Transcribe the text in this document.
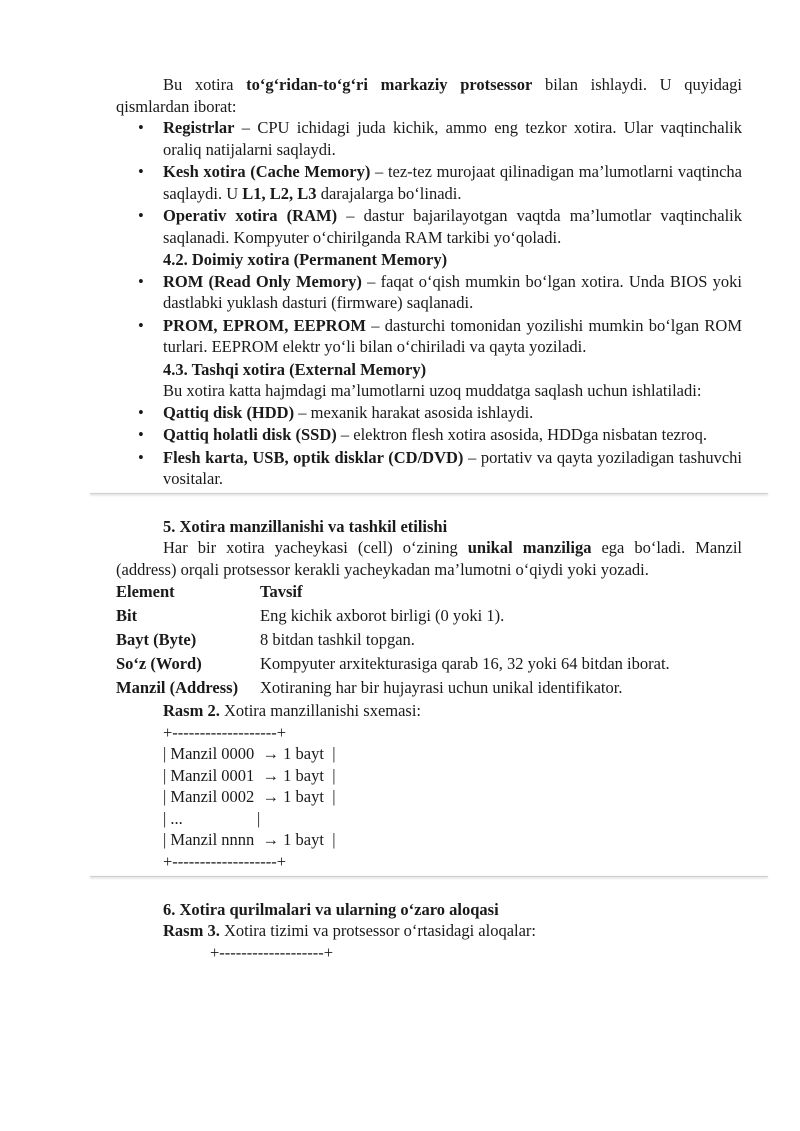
Bu xotira to‘g‘ridan-to‘g‘ri markaziy protsessor bilan ishlaydi. U quyidagi qismlardan iborat:

• Registrlar – CPU ichidagi juda kichik, ammo eng tezkor xotira. Ular vaqtinchalik oraliq natijalarni saqlaydi.
• Kesh xotira (Cache Memory) – tez-tez murojaat qilinadigan ma’lumotlarni vaqtincha saqlaydi. U L1, L2, L3 darajalarga bo‘linadi.
• Operativ xotira (RAM) – dastur bajarilayotgan vaqtda ma’lumotlar vaqtinchalik saqlanadi. Kompyuter o‘chirilganda RAM tarkibi yo‘qoladi.

4.2. Doimiy xotira (Permanent Memory)

• ROM (Read Only Memory) – faqat o‘qish mumkin bo‘lgan xotira. Unda BIOS yoki dastlabki yuklash dasturi (firmware) saqlanadi.
• PROM, EPROM, EEPROM – dasturchi tomonidan yozilishi mumkin bo‘lgan ROM turlari. EEPROM elektr yo‘li bilan o‘chiriladi va qayta yoziladi.

4.3. Tashqi xotira (External Memory)

Bu xotira katta hajmdagi ma’lumotlarni uzoq muddatga saqlash uchun ishlatiladi:

• Qattiq disk (HDD) – mexanik harakat asosida ishlaydi.
• Qattiq holatli disk (SSD) – elektron flesh xotira asosida, HDDga nisbatan tezroq.
• Flesh karta, USB, optik disklar (CD/DVD) – portativ va qayta yoziladigan tashuvchi vositalar.

5. Xotira manzillanishi va tashkil etilishi

Har bir xotira yacheykasi (cell) o‘zining unikal manziliga ega bo‘ladi. Manzil (address) orqali protsessor kerakli yacheykadan ma’lumotni o‘qiydi yoki yozadi.

Element	Tavsif
Bit	Eng kichik axborot birligi (0 yoki 1).
Bayt (Byte)	8 bitdan tashkil topgan.
So‘z (Word)	Kompyuter arxitekturasiga qarab 16, 32 yoki 64 bitdan iborat.
Manzil (Address)	Xotiraning har bir hujayrasi uchun unikal identifikator.

Rasm 2. Xotira manzillanishi sxemasi:

+-------------------+
| Manzil 0000  → 1 bayt  |
| Manzil 0001  → 1 bayt  |
| Manzil 0002  → 1 bayt  |
| ...                  |
| Manzil nnnn  → 1 bayt  |
+-------------------+

6. Xotira qurilmalari va ularning o‘zaro aloqasi

Rasm 3. Xotira tizimi va protsessor o‘rtasidagi aloqalar:

+-------------------+
